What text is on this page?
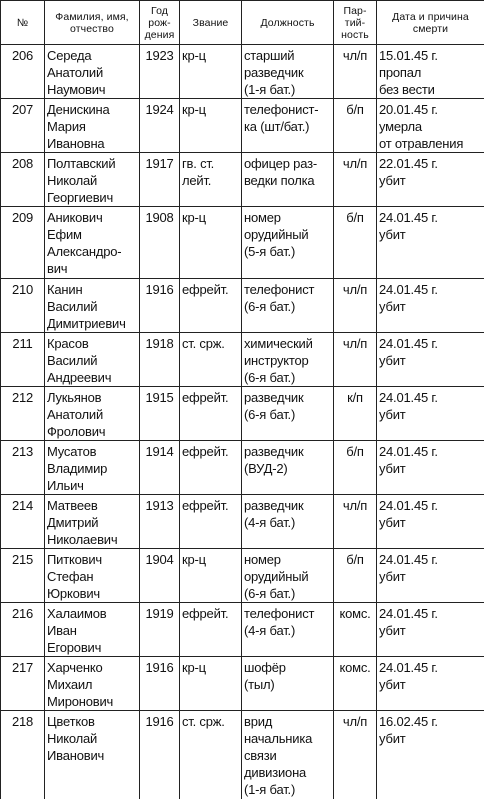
№	Фамилия, имя,
отчество	Год
рож-
дения	Звание	Должность	Пар-
тий-
ность	Дата и причина
смерти
206	Середа
Анатолий
Наумович	1923	кр-ц	старший
разведчик
(1-я бат.)	чл/п	15.01.45 г.
пропал
без вести
207	Денискина
Мария
Ивановна	1924	кр-ц	телефонист-
ка (шт/бат.)	б/п	20.01.45 г.
умерла
от отравления
208	Полтавский
Николай
Георгиевич	1917	гв. ст.
лейт.	офицер раз-
ведки полка	чл/п	22.01.45 г.
убит
209	Аникович
Ефим
Александро-
вич	1908	кр-ц	номер
орудийный
(5-я бат.)	б/п	24.01.45 г.
убит
210	Канин
Василий
Димитриевич	1916	ефрейт.	телефонист
(6-я бат.)	чл/п	24.01.45 г.
убит
211	Красов
Василий
Андреевич	1918	ст. срж.	химический
инструктор
(6-я бат.)	чл/п	24.01.45 г.
убит
212	Лукьянов
Анатолий
Фролович	1915	ефрейт.	разведчик
(6-я бат.)	к/п	24.01.45 г.
убит
213	Мусатов
Владимир
Ильич	1914	ефрейт.	разведчик
(ВУД-2)	б/п	24.01.45 г.
убит
214	Матвеев
Дмитрий
Николаевич	1913	ефрейт.	разведчик
(4-я бат.)	чл/п	24.01.45 г.
убит
215	Питкович
Стефан
Юркович	1904	кр-ц	номер
орудийный
(6-я бат.)	б/п	24.01.45 г.
убит
216	Халаимов
Иван
Егорович	1919	ефрейт.	телефонист
(4-я бат.)	комс.	24.01.45 г.
убит
217	Харченко
Михаил
Миронович	1916	кр-ц	шофёр
(тыл)	комс.	24.01.45 г.
убит
218	Цветков
Николай
Иванович	1916	ст. срж.	врид
начальника
связи
дивизиона
(1-я бат.)	чл/п	16.02.45 г.
убит
